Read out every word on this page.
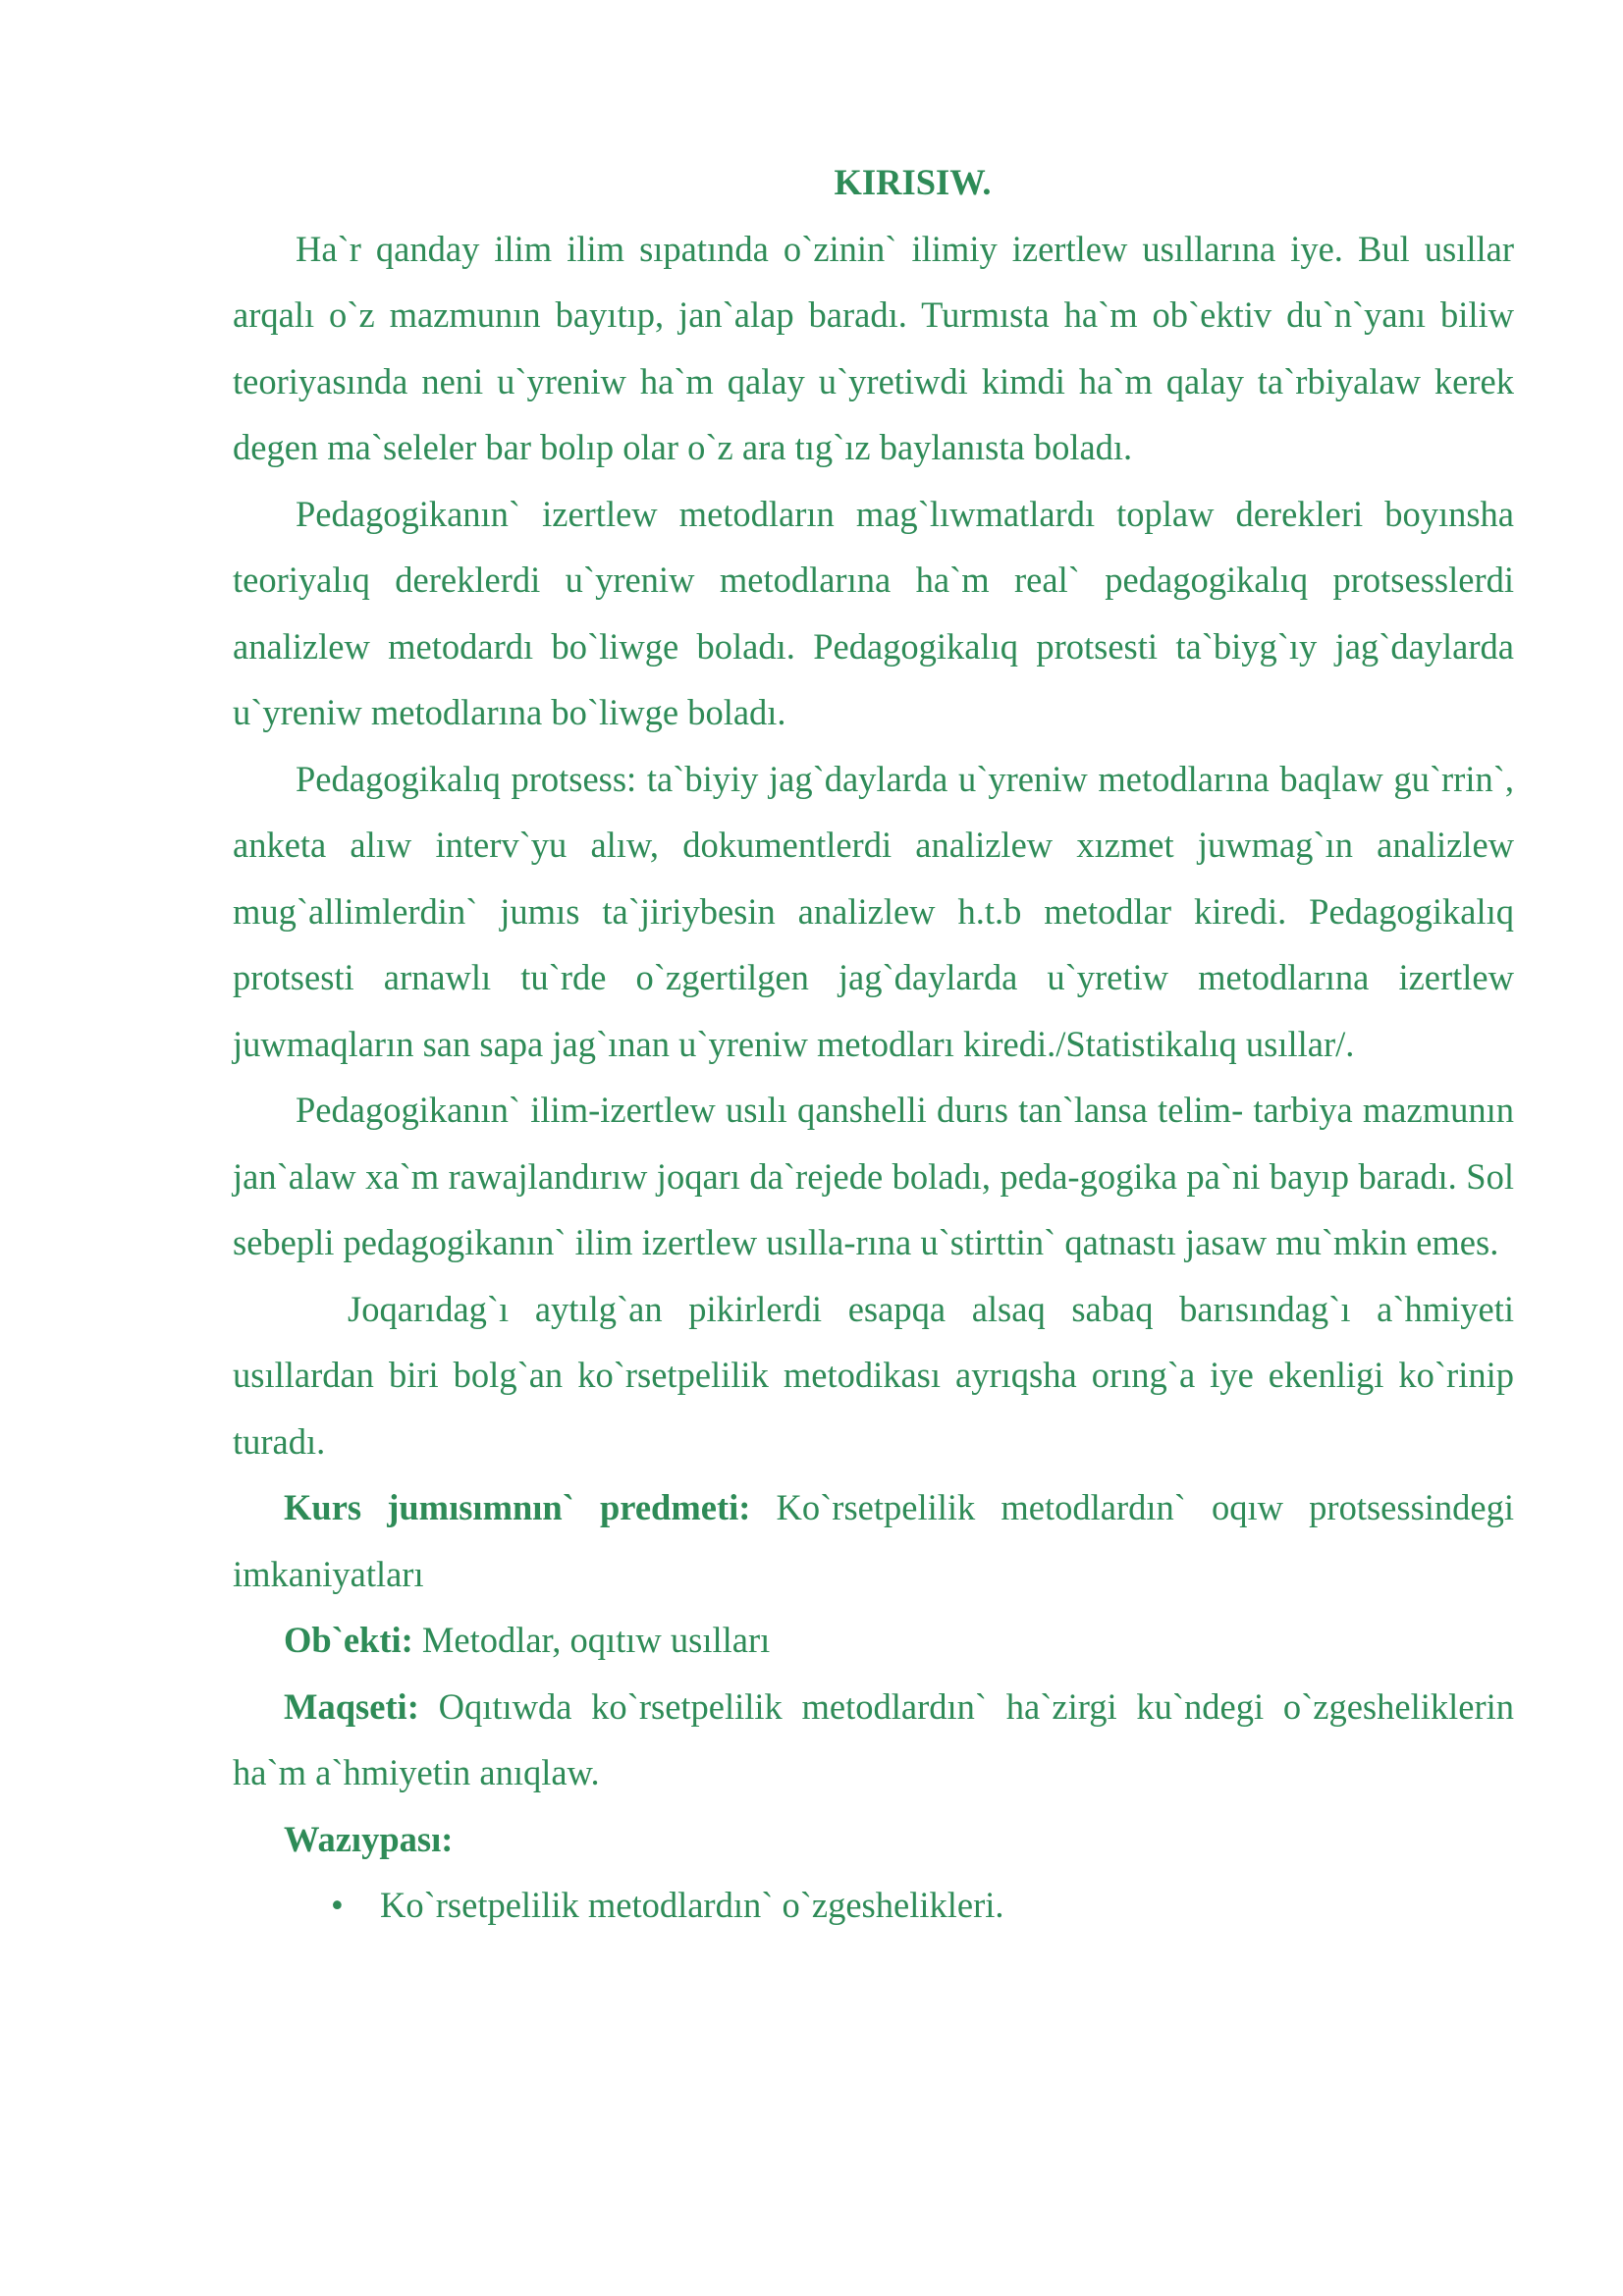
KIRISIW.

Ha`r qanday ilim ilim sıpatında o`zinin` ilimiy izertlew usıllarına iye. Bul usıllar arqalı o`z mazmunın bayıtıp, jan`alap baradı. Turmısta ha`m ob`ektiv du`n`yanı biliw teoriyasında neni u`yreniw ha`m qalay u`yretiwdi kimdi ha`m qalay ta`rbiyalaw kerek degen ma`seleler bar bolıp olar o`z ara tıg`ız baylanısta boladı.

Pedagogikanın` izertlew metodların mag`lıwmatlardı toplaw derekleri boyınsha teoriyalıq dereklerdi u`yreniw metodlarına ha`m real` pedagogikalıq protsesslerdi analizlew metodardı bo`liwge boladı. Pedagogikalıq protsesti ta`biyg`ıy jag`daylarda u`yreniw metodlarına bo`liwge boladı.

Pedagogikalıq protsess: ta`biyiy jag`daylarda u`yreniw metodlarına baqlaw gu`rrin`, anketa alıw interv`yu alıw, dokumentlerdi analizlew xızmet juwmag`ın analizlew mug`allimlerdin` jumıs ta`jiriybesin analizlew h.t.b metodlar kiredi. Pedagogikalıq protsesti arnawlı tu`rde o`zgertilgen jag`daylarda u`yretiw metodlarına izertlew juwmaqların san sapa jag`ınan u`yreniw metodları kiredi./Statistikalıq usıllar/.

Pedagogikanın` ilim-izertlew usılı qanshelli durıs tan`lansa telim- tarbiya mazmunın jan`alaw xa`m rawajlandırıw joqarı da`rejede boladı, peda-gogika pa`ni bayıp baradı. Sol sebepli pedagogikanın` ilim izertlew usılla-rına u`stirttin` qatnastı jasaw mu`mkin emes.

Joqarıdag`ı aytılg`an pikirlerdi esapqa alsaq sabaq barısındag`ı a`hmiyeti usıllardan biri bolg`an ko`rsetpelilik metodikası ayrıqsha orıng`a iye ekenligi ko`rinip turadı.

Kurs jumısımnın` predmeti: Ko`rsetpelilik metodlardın` oqıw protsessindegi imkaniyatları

Ob`ekti: Metodlar, oqıtıw usılları

Maqseti: Oqıtıwda ko`rsetpelilik metodlardın` ha`zirgi ku`ndegi o`zgesheliklerin ha`m a`hmiyetin anıqlaw.

Wazıypası:

•	Ko`rsetpelilik metodlardın` o`zgeshelikleri.
